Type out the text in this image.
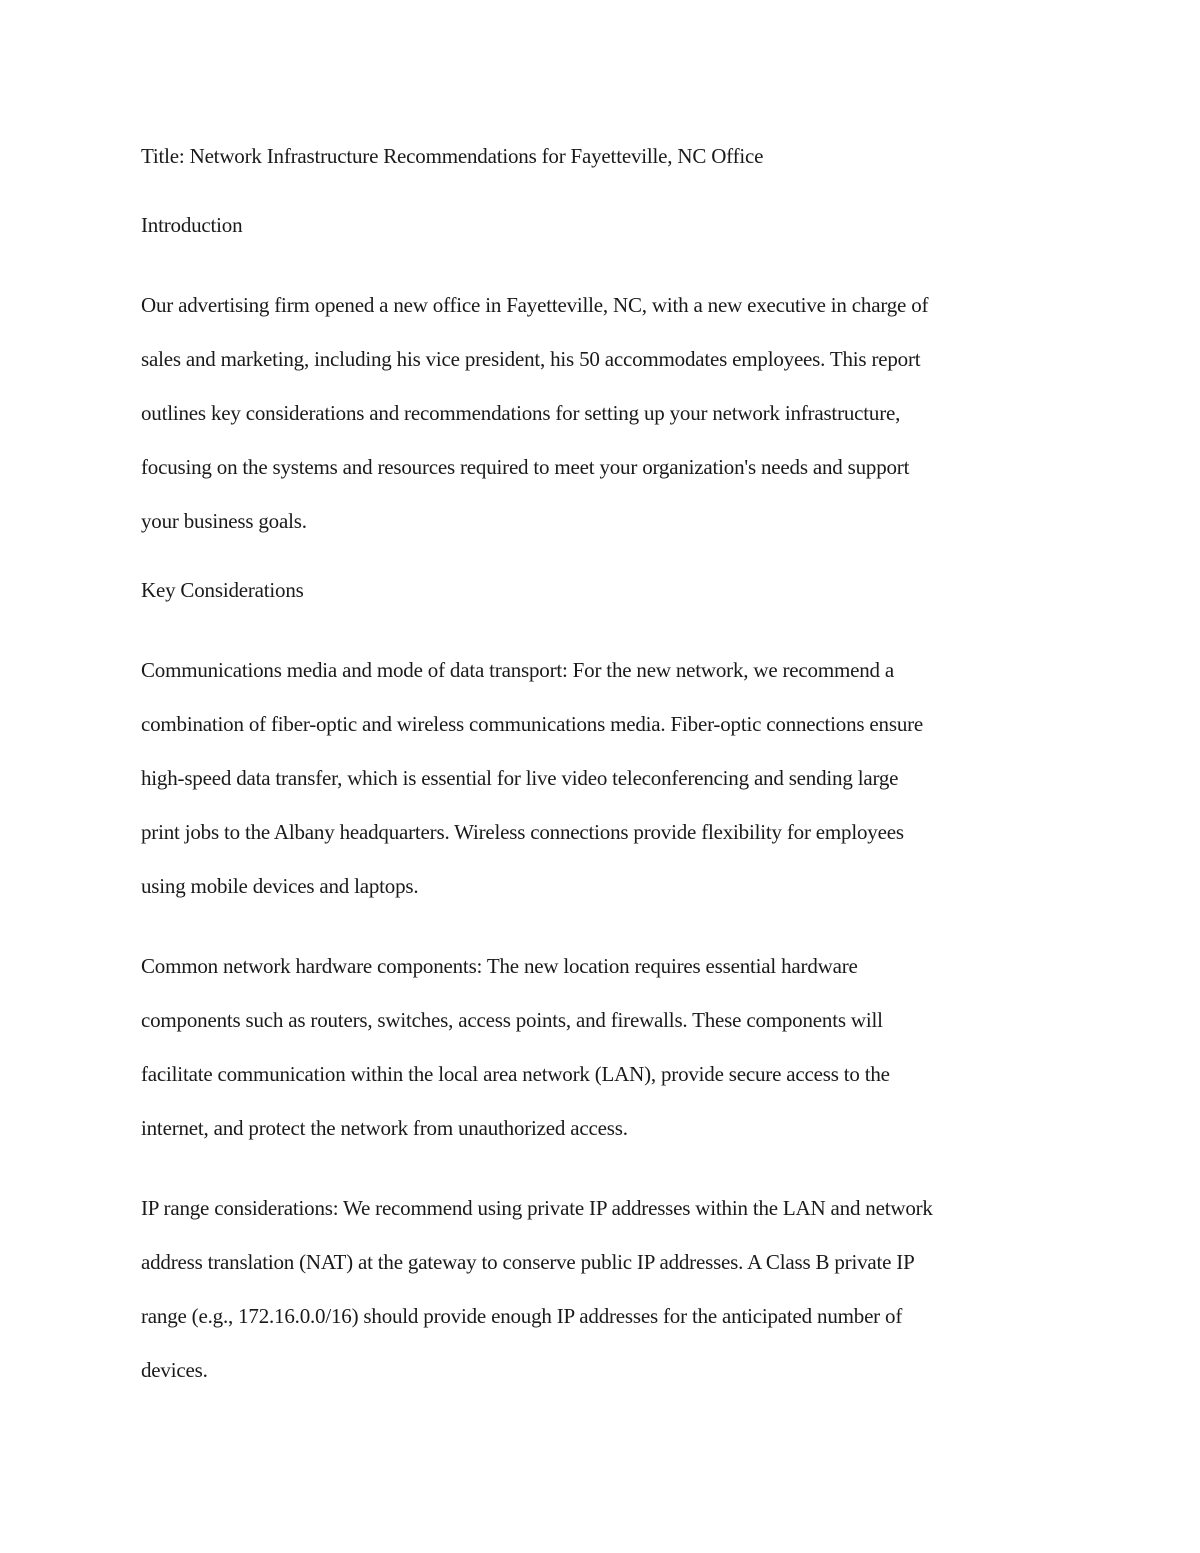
Title: Network Infrastructure Recommendations for Fayetteville, NC Office

Introduction

Our advertising firm opened a new office in Fayetteville, NC, with a new executive in charge of
sales and marketing, including his vice president, his 50 accommodates employees. This report
outlines key considerations and recommendations for setting up your network infrastructure,
focusing on the systems and resources required to meet your organization's needs and support
your business goals.

Key Considerations

Communications media and mode of data transport: For the new network, we recommend a
combination of fiber-optic and wireless communications media. Fiber-optic connections ensure
high-speed data transfer, which is essential for live video teleconferencing and sending large
print jobs to the Albany headquarters. Wireless connections provide flexibility for employees
using mobile devices and laptops.

Common network hardware components: The new location requires essential hardware
components such as routers, switches, access points, and firewalls. These components will
facilitate communication within the local area network (LAN), provide secure access to the
internet, and protect the network from unauthorized access.

IP range considerations: We recommend using private IP addresses within the LAN and network
address translation (NAT) at the gateway to conserve public IP addresses. A Class B private IP
range (e.g., 172.16.0.0/16) should provide enough IP addresses for the anticipated number of
devices.
